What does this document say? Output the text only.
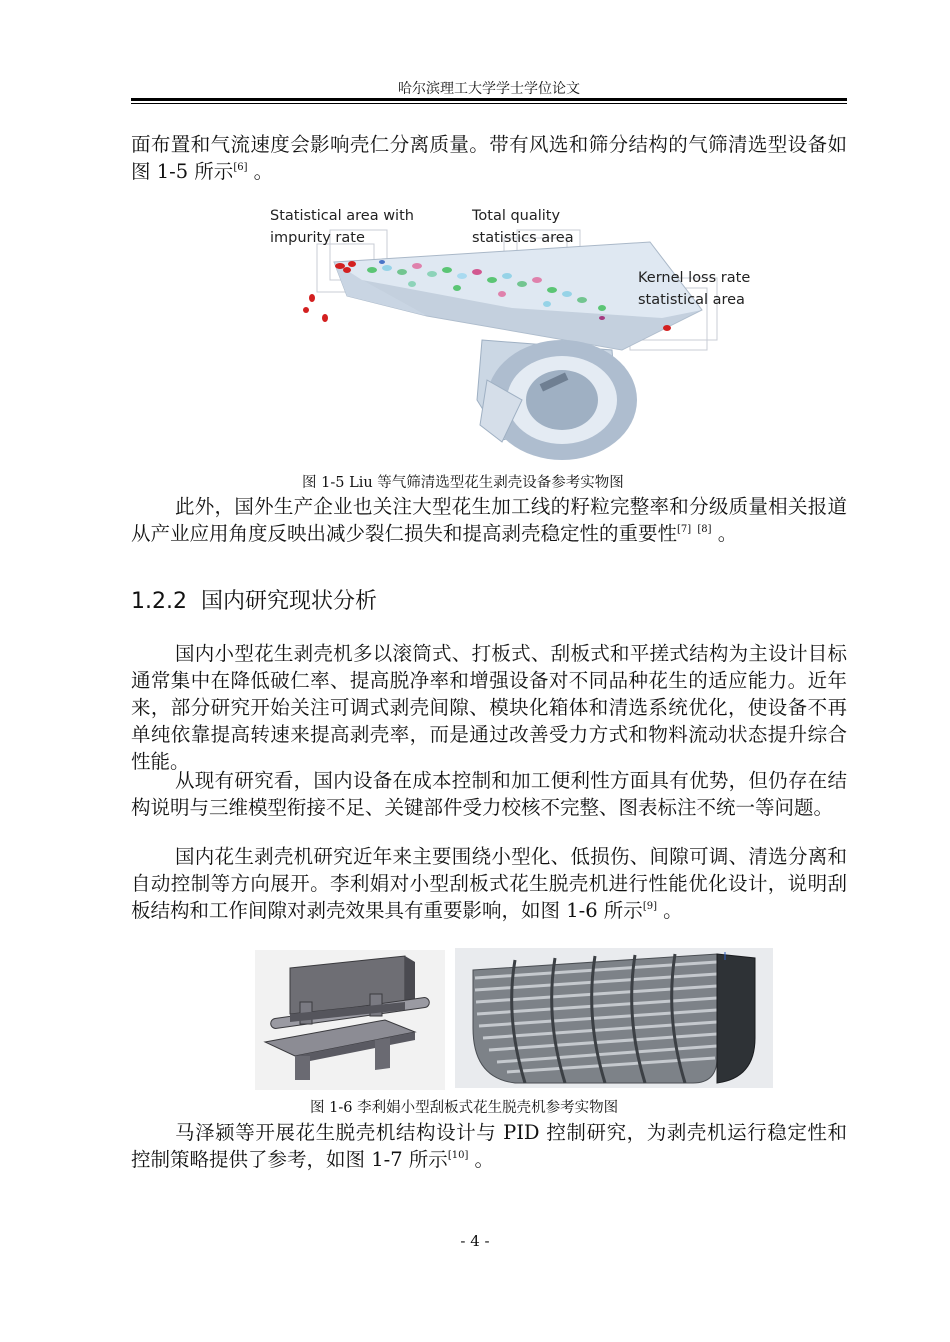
哈尔滨理工大学学士学位论文

面布置和气流速度会影响壳仁分离质量。带有风选和筛分结构的气筛清选型设备如图 1-5 所示[6] 。

Statistical area with
impurity rate
Total quality
statistics area
Kernel loss rate
statistical area
图 1-5 Liu 等气筛清选型花生剥壳设备参考实物图

此外，国外生产企业也关注大型花生加工线的籽粒完整率和分级质量相关报道从产业应用角度反映出减少裂仁损失和提高剥壳稳定性的重要性[7] [8] 。

1.2.2 国内研究现状分析

国内小型花生剥壳机多以滚筒式、打板式、刮板式和平搓式结构为主设计目标通常集中在降低破仁率、提高脱净率和增强设备对不同品种花生的适应能力。近年来，部分研究开始关注可调式剥壳间隙、模块化箱体和清选系统优化，使设备不再单纯依靠提高转速来提高剥壳率，而是通过改善受力方式和物料流动状态提升综合性能。

从现有研究看，国内设备在成本控制和加工便利性方面具有优势，但仍存在结构说明与三维模型衔接不足、关键部件受力校核不完整、图表标注不统一等问题。

国内花生剥壳机研究近年来主要围绕小型化、低损伤、间隙可调、清选分离和自动控制等方向展开。李利娟对小型刮板式花生脱壳机进行性能优化设计，说明刮板结构和工作间隙对剥壳效果具有重要影响，如图 1-6 所示[9] 。

图 1-6 李利娟小型刮板式花生脱壳机参考实物图

马泽颍等开展花生脱壳机结构设计与 PID 控制研究，为剥壳机运行稳定性和控制策略提供了参考，如图 1-7 所示[10] 。

- 4 -
